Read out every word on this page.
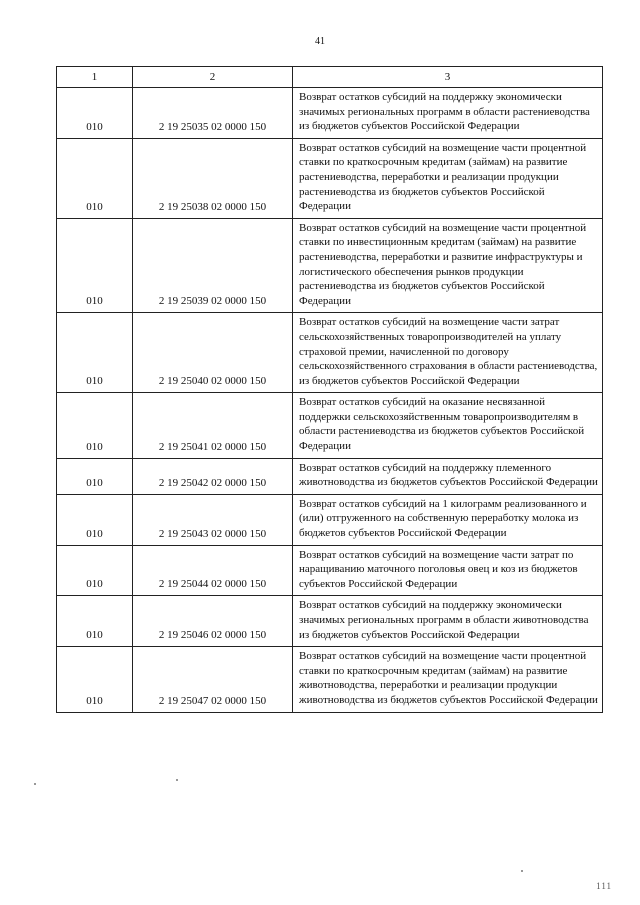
41
1	2	3
010	2 19 25035 02 0000 150	Возврат остатков субсидий на поддержку экономически значимых региональных программ в области растениеводства из бюджетов субъектов Российской Федерации
010	2 19 25038 02 0000 150	Возврат остатков субсидий на возмещение части процентной ставки по краткосрочным кредитам (займам) на развитие растениеводства, переработки и реализации продукции растениеводства из бюджетов субъектов Российской Федерации
010	2 19 25039 02 0000 150	Возврат остатков субсидий на возмещение части процентной ставки по инвестиционным кредитам (займам) на развитие растениеводства, переработки и развитие инфраструктуры и логистического обеспечения рынков продукции растениеводства из бюджетов субъектов Российской Федерации
010	2 19 25040 02 0000 150	Возврат остатков субсидий на возмещение части затрат сельскохозяйственных товаропроизводителей на уплату страховой премии, начисленной по договору сельскохозяйственного страхования в области растениеводства, из бюджетов субъектов Российской Федерации
010	2 19 25041 02 0000 150	Возврат остатков субсидий на оказание несвязанной поддержки сельскохозяйственным товаропроизводителям в области растениеводства из бюджетов субъектов Российской Федерации
010	2 19 25042 02 0000 150	Возврат остатков субсидий на поддержку племенного животноводства из бюджетов субъектов Российской Федерации
010	2 19 25043 02 0000 150	Возврат остатков субсидий на 1 килограмм реализованного и (или) отгруженного на собственную переработку молока из бюджетов субъектов Российской Федерации
010	2 19 25044 02 0000 150	Возврат остатков субсидий на возмещение части затрат по наращиванию маточного поголовья овец и коз из бюджетов субъектов Российской Федерации
010	2 19 25046 02 0000 150	Возврат остатков субсидий на поддержку экономически значимых региональных программ в области животноводства из бюджетов субъектов Российской Федерации
010	2 19 25047 02 0000 150	Возврат остатков субсидий на возмещение части процентной ставки по краткосрочным кредитам (займам) на развитие животноводства, переработки и реализации продукции животноводства из бюджетов субъектов Российской Федерации
111
